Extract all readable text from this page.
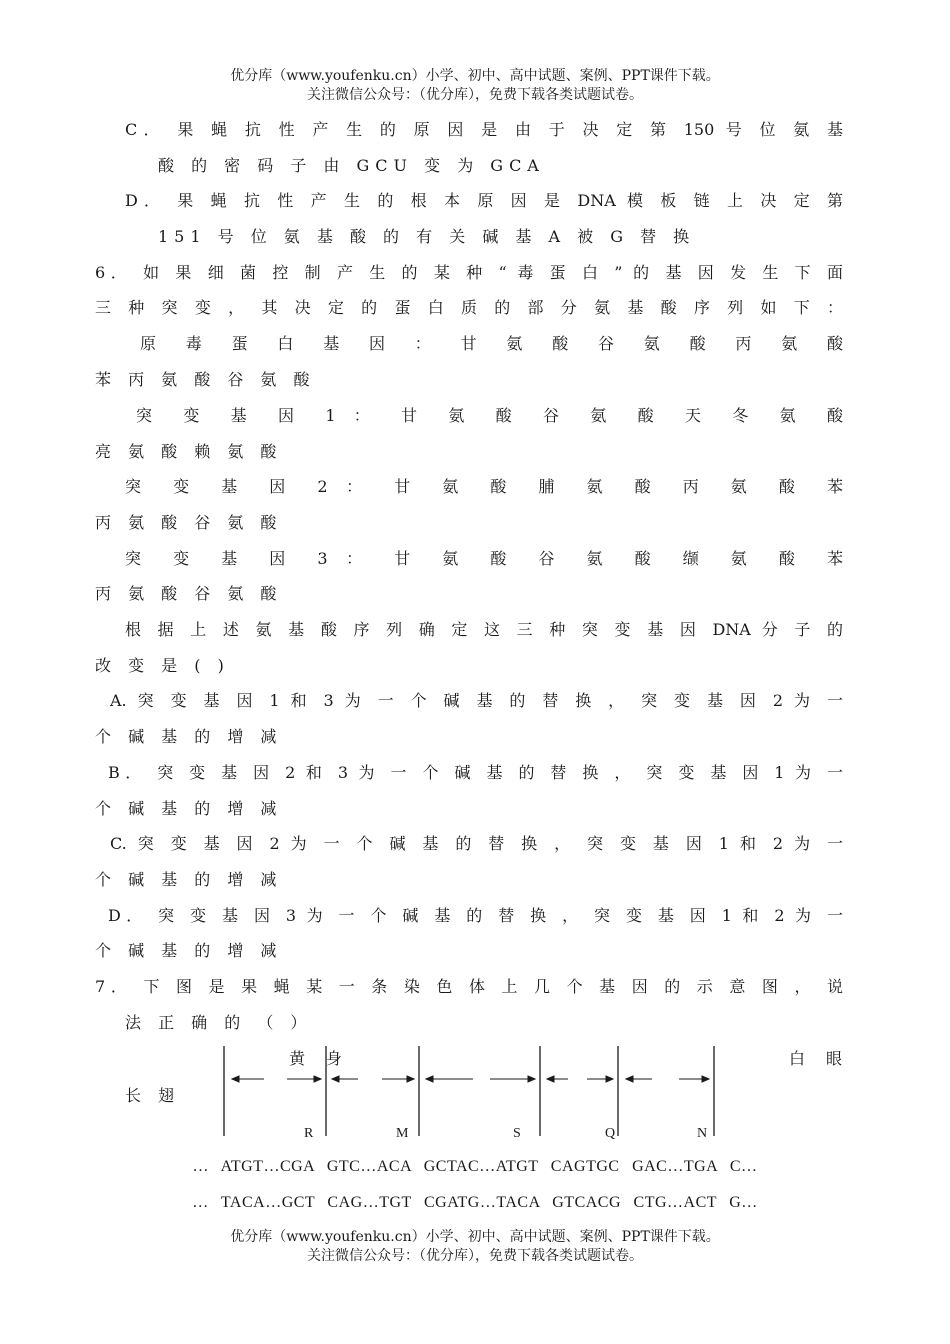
优分库（www.youfenku.cn）小学、初中、高中试题、案例、PPT课件下载。
关注微信公众号：（优分库），免费下载各类试题试卷。
C． 果 蝇 抗 性 产 生 的 原 因 是 由 于 决 定 第 150 号 位 氨 基
酸 的 密 码 子 由 GCU 变 为 GCA
D． 果 蝇 抗 性 产 生 的 根 本 原 因 是 DNA 模 板 链 上 决 定 第
151 号 位 氨 基 酸 的 有 关 碱 基 A 被 G 替 换
6． 如 果 细 菌 控 制 产 生 的 某 种 “ 毒 蛋 白 ” 的 基 因 发 生 下 面
三 种 突 变 ， 其 决 定 的 蛋 白 质 的 部 分 氨 基 酸 序 列 如 下 ：
原 毒 蛋 白 基 因 ： 甘 氨 酸 谷 氨 酸 丙 氨 酸
苯 丙 氨 酸 谷 氨 酸
突 变 基 因 1 ： 甘 氨 酸 谷 氨 酸 天 冬 氨 酸
亮 氨 酸 赖 氨 酸
突 变 基 因 2 ： 甘 氨 酸 脯 氨 酸 丙 氨 酸 苯
丙 氨 酸 谷 氨 酸
突 变 基 因 3 ： 甘 氨 酸 谷 氨 酸 缬 氨 酸 苯
丙 氨 酸 谷 氨 酸
根 据 上 述 氨 基 酸 序 列 确 定 这 三 种 突 变 基 因 DNA 分 子 的
改 变 是 ( )
A. 突 变 基 因 1 和 3 为 一 个 碱 基 的 替 换 ， 突 变 基 因 2 为 一
个 碱 基 的 增 减
B． 突 变 基 因 2 和 3 为 一 个 碱 基 的 替 换 ， 突 变 基 因 1 为 一
个 碱 基 的 增 减
C. 突 变 基 因 2 为 一 个 碱 基 的 替 换 ， 突 变 基 因 1 和 2 为 一
个 碱 基 的 增 减
D． 突 变 基 因 3 为 一 个 碱 基 的 替 换 ， 突 变 基 因 1 和 2 为 一
个 碱 基 的 增 减
7． 下 图 是 果 蝇 某 一 条 染 色 体 上 几 个 基 因 的 示 意 图 ， 说
法 正 确 的 （ ）
黄 身	白 眼
长 翅
R	M	S	Q	N
… ATGT…CGA GTC…ACA GCTAC…ATGT CAGTGC GAC…TGA C…
… TACA…GCT CAG…TGT CGATG…TACA GTCACG CTG…ACT G…
优分库（www.youfenku.cn）小学、初中、高中试题、案例、PPT课件下载。
关注微信公众号：（优分库），免费下载各类试题试卷。
